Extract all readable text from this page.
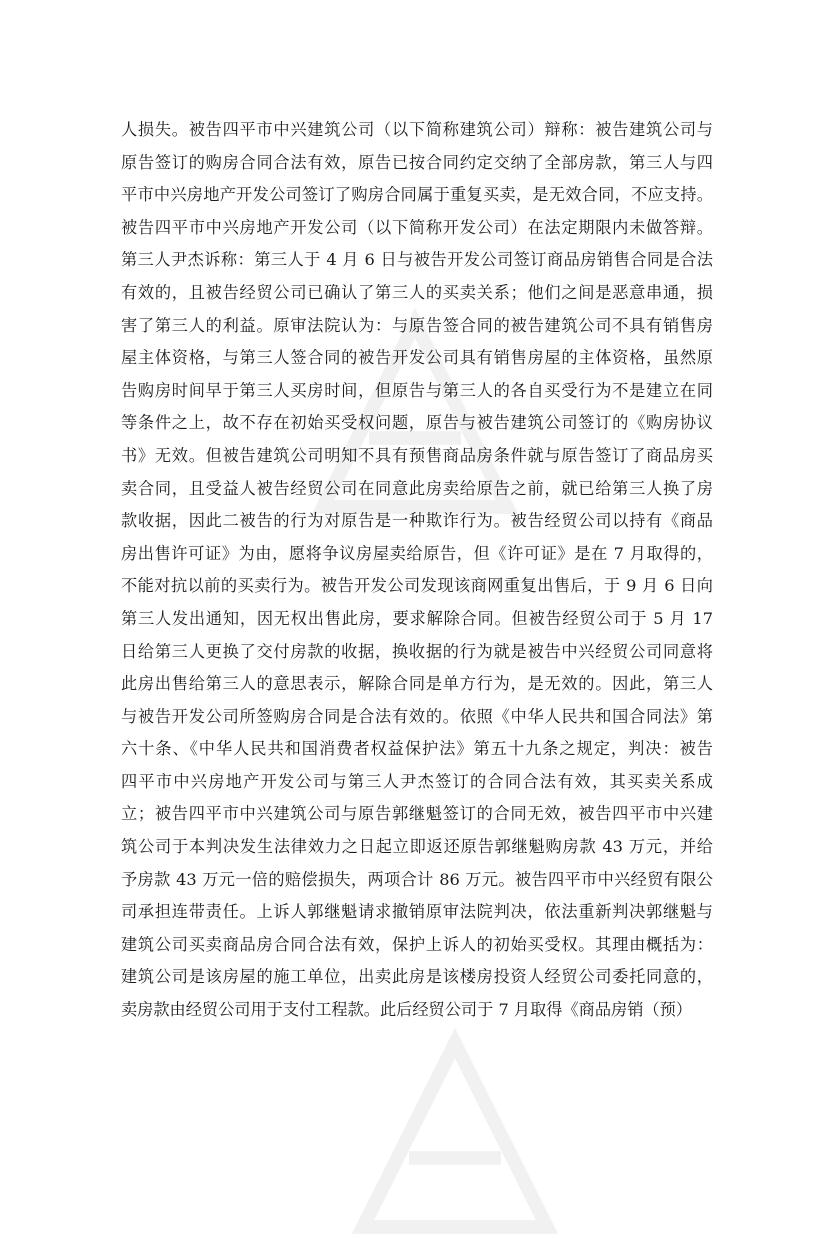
人损失。被告四平市中兴建筑公司（以下简称建筑公司）辩称：被告建筑公司与
原告签订的购房合同合法有效，原告已按合同约定交纳了全部房款，第三人与四
平市中兴房地产开发公司签订了购房合同属于重复买卖，是无效合同，不应支持。
被告四平市中兴房地产开发公司（以下简称开发公司）在法定期限内未做答辩。
第三人尹杰诉称：第三人于 4 月 6 日与被告开发公司签订商品房销售合同是合法
有效的，且被告经贸公司已确认了第三人的买卖关系；他们之间是恶意串通，损
害了第三人的利益。原审法院认为：与原告签合同的被告建筑公司不具有销售房
屋主体资格，与第三人签合同的被告开发公司具有销售房屋的主体资格，虽然原
告购房时间早于第三人买房时间，但原告与第三人的各自买受行为不是建立在同
等条件之上，故不存在初始买受权问题，原告与被告建筑公司签订的《购房协议
书》无效。但被告建筑公司明知不具有预售商品房条件就与原告签订了商品房买
卖合同，且受益人被告经贸公司在同意此房卖给原告之前，就已给第三人换了房
款收据，因此二被告的行为对原告是一种欺诈行为。被告经贸公司以持有《商品
房出售许可证》为由，愿将争议房屋卖给原告，但《许可证》是在 7 月取得的，
不能对抗以前的买卖行为。被告开发公司发现该商网重复出售后，于 9 月 6 日向
第三人发出通知，因无权出售此房，要求解除合同。但被告经贸公司于 5 月 17
日给第三人更换了交付房款的收据，换收据的行为就是被告中兴经贸公司同意将
此房出售给第三人的意思表示，解除合同是单方行为，是无效的。因此，第三人
与被告开发公司所签购房合同是合法有效的。依照《中华人民共和国合同法》第
六十条、《中华人民共和国消费者权益保护法》第五十九条之规定，判决：被告
四平市中兴房地产开发公司与第三人尹杰签订的合同合法有效，其买卖关系成
立；被告四平市中兴建筑公司与原告郭继魁签订的合同无效，被告四平市中兴建
筑公司于本判决发生法律效力之日起立即返还原告郭继魁购房款 43 万元，并给
予房款 43 万元一倍的赔偿损失，两项合计 86 万元。被告四平市中兴经贸有限公
司承担连带责任。上诉人郭继魁请求撤销原审法院判决，依法重新判决郭继魁与
建筑公司买卖商品房合同合法有效，保护上诉人的初始买受权。其理由概括为：
建筑公司是该房屋的施工单位，出卖此房是该楼房投资人经贸公司委托同意的，
卖房款由经贸公司用于支付工程款。此后经贸公司于 7 月取得《商品房销（预）
